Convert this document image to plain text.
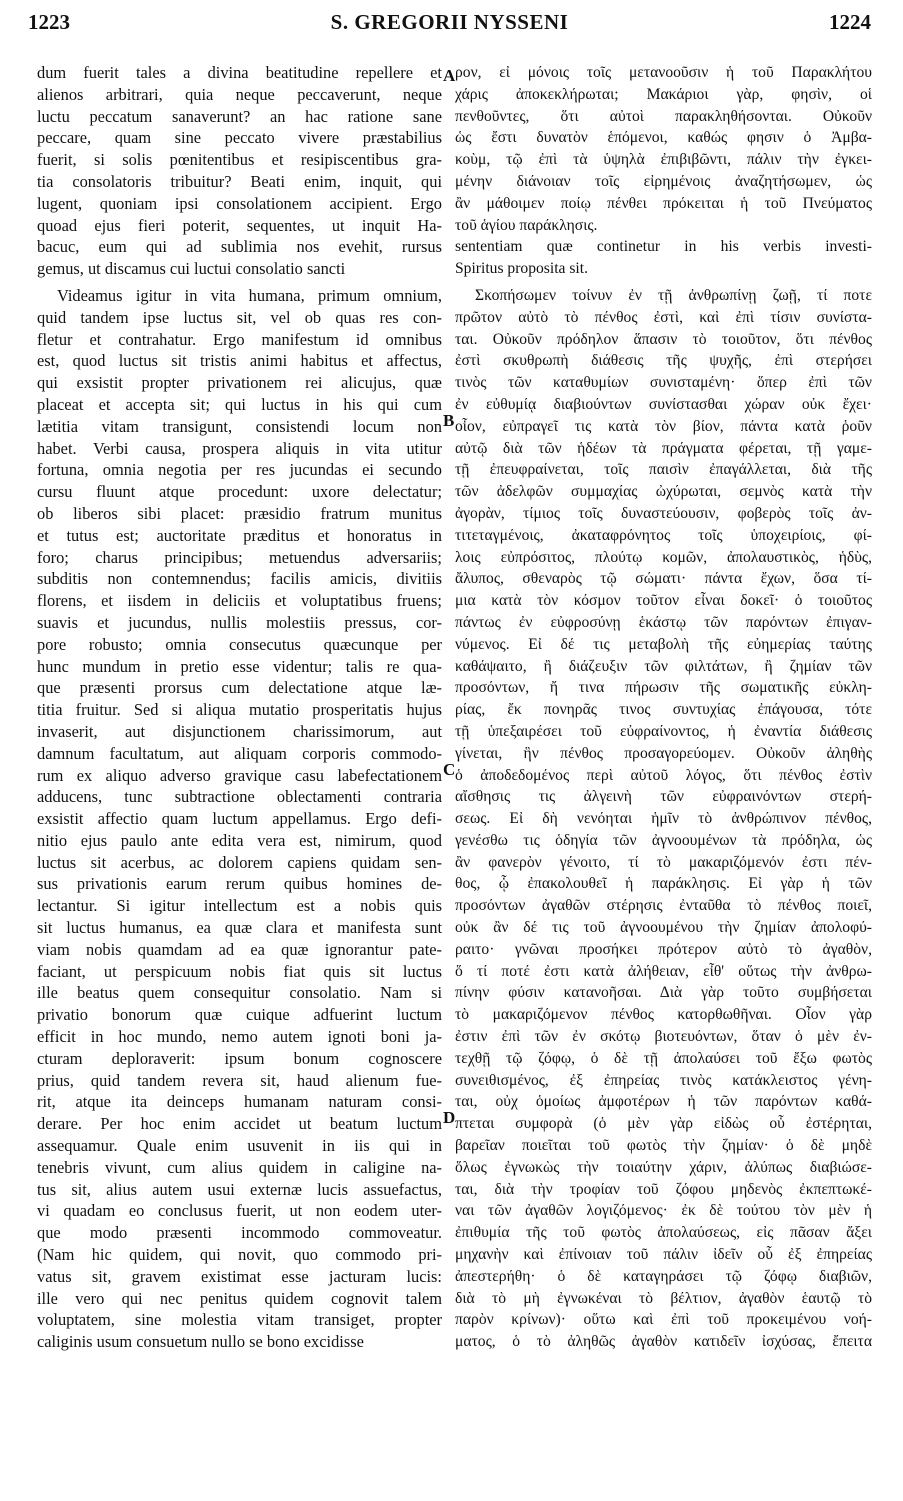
1223	S. GREGORII NYSSENI	1224
dum fuerit tales a divina beatitudine repellere et
alienos arbitrari, quia neque peccaverunt, neque
luctu peccatum sanaverunt? an hac ratione sane
peccare, quam sine peccato vivere præstabilius
fuerit, si solis pœnitentibus et resipiscentibus gra-
tia consolatoris tribuitur? Beati enim, inquit, qui
lugent, quoniam ipsi consolationem accipient. Ergo
quoad ejus fieri poterit, sequentes, ut inquit Ha-
bacuc, eum qui ad sublimia nos evehit, rursus
gemus, ut discamus cui luctui consolatio sancti
Videamus igitur in vita humana, primum omnium,
quid tandem ipse luctus sit, vel ob quas res con-
fletur et contrahatur. Ergo manifestum id omnibus
est, quod luctus sit tristis animi habitus et affectus,
qui exsistit propter privationem rei alicujus, quæ
placeat et accepta sit; qui luctus in his qui cum
lætitia vitam transigunt, consistendi locum non
habet. Verbi causa, prospera aliquis in vita utitur
fortuna, omnia negotia per res jucundas ei secundo
cursu fluunt atque procedunt: uxore delectatur;
ob liberos sibi placet: præsidio fratrum munitus
et tutus est; auctoritate præditus et honoratus in
foro; charus principibus; metuendus adversariis;
subditis non contemnendus; facilis amicis, divitiis
florens, et iisdem in deliciis et voluptatibus fruens;
suavis et jucundus, nullis molestiis pressus, cor-
pore robusto; omnia consecutus quæcunque per
hunc mundum in pretio esse videntur; talis re qua-
que præsenti prorsus cum delectatione atque læ-
titia fruitur. Sed si aliqua mutatio prosperitatis hujus
invaserit, aut disjunctionem charissimorum, aut
damnum facultatum, aut aliquam corporis commodo-
rum ex aliquo adverso gravique casu labefectationem
adducens, tunc subtractione oblectamenti contraria
exsistit affectio quam luctum appellamus. Ergo defi-
nitio ejus paulo ante edita vera est, nimirum, quod
luctus sit acerbus, ac dolorem capiens quidam sen-
sus privationis earum rerum quibus homines de-
lectantur. Si igitur intellectum est a nobis quis
sit luctus humanus, ea quæ clara et manifesta sunt
viam nobis quamdam ad ea quæ ignorantur pate-
faciant, ut perspicuum nobis fiat quis sit luctus
ille beatus quem consequitur consolatio. Nam si
privatio bonorum quæ cuique adfuerint luctum
efficit in hoc mundo, nemo autem ignoti boni ja-
cturam deploraverit: ipsum bonum cognoscere
prius, quid tandem revera sit, haud alienum fue-
rit, atque ita deinceps humanam naturam consi-
derare. Per hoc enim accidet ut beatum luctum
assequamur. Quale enim usuvenit in iis qui in
tenebris vivunt, cum alius quidem in caligine na-
tus sit, alius autem usui externæ lucis assuefactus,
vi quadam eo conclusus fuerit, ut non eodem uter-
que modo præsenti incommodo commoveatur.
(Nam hic quidem, qui novit, quo commodo pri-
vatus sit, gravem existimat esse jacturam lucis:
ille vero qui nec penitus quidem cognovit talem
voluptatem, sine molestia vitam transiget, propter
caliginis usum consuetum nullo se bono excidisse
ρον, εἰ μόνοις τοῖς μετανοοῦσιν ἡ τοῦ Παρακλήτου
χάρις ἀποκεκλήρωται; Μακάριοι γὰρ, φησὶν, οἱ
πενθοῦντες, ὅτι αὐτοὶ παρακληθήσονται. Οὐκοῦν
ὡς ἔστι δυνατὸν ἑπόμενοι, καθώς φησιν ὁ Ἀμβα-
κοὺμ, τῷ ἐπὶ τὰ ὑψηλὰ ἐπιβιβῶντι, πάλιν τὴν ἐγκει-
μένην διάνοιαν τοῖς εἰρημένοις ἀναζητήσωμεν, ὡς
ἂν μάθοιμεν ποίῳ πένθει πρόκειται ἡ τοῦ Πνεύματος
τοῦ ἁγίου παράκλησις.
sententiam quæ continetur in his verbis investi-
Spiritus proposita sit.
Σκοπήσωμεν τοίνυν ἐν τῇ ἀνθρωπίνῃ ζωῇ, τί ποτε
πρῶτον αὐτὸ τὸ πένθος ἐστὶ, καὶ ἐπὶ τίσιν συνίστα-
ται. Οὐκοῦν πρόδηλον ἅπασιν τὸ τοιοῦτον, ὅτι πένθος
ἐστὶ σκυθρωπὴ διάθεσις τῆς ψυχῆς, ἐπὶ στερήσει
τινὸς τῶν καταθυμίων συνισταμένη· ὅπερ ἐπὶ τῶν
ἐν εὐθυμίᾳ διαβιούντων συνίστασθαι χώραν οὐκ ἔχει·
οἷον, εὐπραγεῖ τις κατὰ τὸν βίον, πάντα κατὰ ῥοῦν
αὐτῷ διὰ τῶν ἡδέων τὰ πράγματα φέρεται, τῇ γαμε-
τῇ ἐπευφραίνεται, τοῖς παισὶν ἐπαγάλλεται, διὰ τῆς
τῶν ἀδελφῶν συμμαχίας ὠχύρωται, σεμνὸς κατὰ τὴν
ἀγορὰν, τίμιος τοῖς δυναστεύουσιν, φοβερὸς τοῖς ἀν-
τιτεταγμένοις, ἀκαταφρόνητος τοῖς ὑποχειρίοις, φί-
λοις εὐπρόσιτος, πλούτῳ κομῶν, ἀπολαυστικὸς, ἡδὺς,
ἄλυπος, σθεναρὸς τῷ σώματι· πάντα ἔχων, ὅσα τί-
μια κατὰ τὸν κόσμον τοῦτον εἶναι δοκεῖ· ὁ τοιοῦτος
πάντως ἐν εὐφροσύνῃ ἑκάστῳ τῶν παρόντων ἐπιγαν-
νύμενος. Εἰ δέ τις μεταβολὴ τῆς εὐημερίας ταύτης
καθάψαιτο, ἢ διάζευξιν τῶν φιλτάτων, ἢ ζημίαν τῶν
προσόντων, ἤ τινα πήρωσιν τῆς σωματικῆς εὐκλη-
ρίας, ἔκ πονηρᾶς τινος συντυχίας ἐπάγουσα, τότε
τῇ ὑπεξαιρέσει τοῦ εὐφραίνοντος, ἡ ἐναντία διάθεσις
γίνεται, ἣν πένθος προσαγορεύομεν. Οὐκοῦν ἀληθὴς
ὁ ἀποδεδομένος περὶ αὐτοῦ λόγος, ὅτι πένθος ἐστὶν
αἴσθησις τις ἀλγεινὴ τῶν εὐφραινόντων στερή-
σεως. Εἰ δὴ νενόηται ἡμῖν τὸ ἀνθρώπινον πένθος,
γενέσθω τις ὁδηγία τῶν ἀγνοουμένων τὰ πρόδηλα, ὡς
ἂν φανερὸν γένοιτο, τί τὸ μακαριζόμενόν ἐστι πέν-
θος, ᾧ ἐπακολουθεῖ ἡ παράκλησις. Εἰ γὰρ ἡ τῶν
προσόντων ἀγαθῶν στέρησις ἐνταῦθα τὸ πένθος ποιεῖ,
οὐκ ἂν δέ τις τοῦ ἀγνοουμένου τὴν ζημίαν ἀπολοφύ-
ραιτο· γνῶναι προσήκει πρότερον αὐτὸ τὸ ἀγαθὸν,
ὅ τί ποτέ ἐστι κατὰ ἀλήθειαν, εἶθ' οὕτως τὴν ἀνθρω-
πίνην φύσιν κατανοῆσαι. Διὰ γὰρ τοῦτο συμβήσεται
τὸ μακαριζόμενον πένθος κατορθωθῆναι. Οἷον γὰρ
ἐστιν ἐπὶ τῶν ἐν σκότῳ βιοτευόντων, ὅταν ὁ μὲν ἐν-
τεχθῇ τῷ ζόφῳ, ὁ δὲ τῇ ἀπολαύσει τοῦ ἔξω φωτὸς
συνειθισμένος, ἐξ ἐπηρείας τινὸς κατάκλειστος γένη-
ται, οὐχ ὁμοίως ἀμφοτέρων ἡ τῶν παρόντων καθά-
πτεται συμφορὰ (ὁ μὲν γὰρ εἰδὼς οὗ ἐστέρηται,
βαρεῖαν ποιεῖται τοῦ φωτὸς τὴν ζημίαν· ὁ δὲ μηδὲ
ὅλως ἐγνωκὼς τὴν τοιαύτην χάριν, ἀλύπως διαβιώσε-
ται, διὰ τὴν τροφίαν τοῦ ζόφου μηδενὸς ἐκπεπτωκέ-
ναι τῶν ἀγαθῶν λογιζόμενος· ἐκ δὲ τούτου τὸν μὲν ἡ
ἐπιθυμία τῆς τοῦ φωτὸς ἀπολαύσεως, εἰς πᾶσαν ἄξει
μηχανὴν καὶ ἐπίνοιαν τοῦ πάλιν ἰδεῖν οὗ ἐξ ἐπηρείας
ἀπεστερήθη· ὁ δὲ καταγηράσει τῷ ζόφῳ διαβιῶν,
διὰ τὸ μὴ ἐγνωκέναι τὸ βέλτιον, ἀγαθὸν ἑαυτῷ τὸ
παρὸν κρίνων)· οὕτω καὶ ἐπὶ τοῦ προκειμένου νοή-
ματος, ὁ τὸ ἀληθῶς ἀγαθὸν κατιδεῖν ἰσχύσας, ἔπειτα
A
B
C
D
